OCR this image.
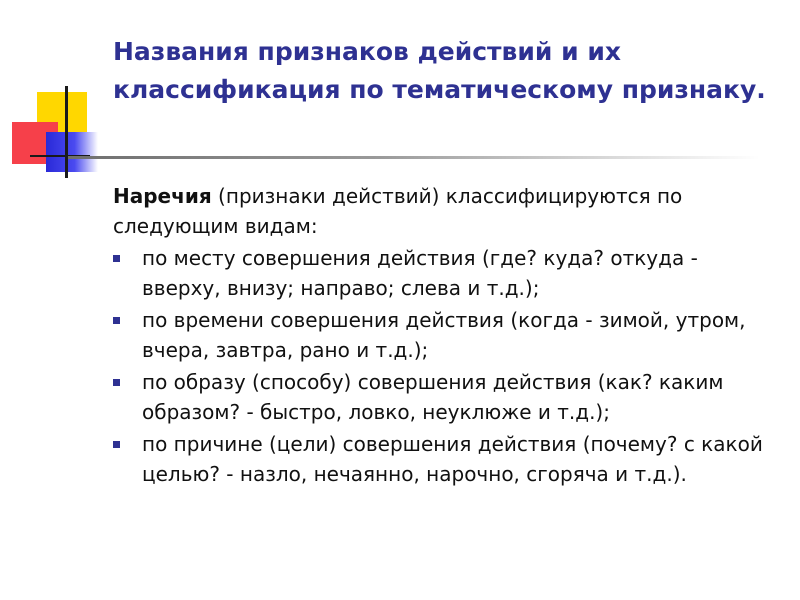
Названия признаков действий и их классификация по тематическому признаку.

Наречия (признаки действий) классифицируются по следующим видам:

по месту совершения действия (где? куда? откуда - вверху, внизу; направо; слева и т.д.);
по времени совершения действия (когда - зимой, утром, вчера, завтра, рано и т.д.);
по образу (способу) совершения действия (как? каким образом? - быстро, ловко, неуклюже и т.д.);
по причине (цели) совершения действия (почему? с какой целью? - назло, нечаянно, нарочно, сгоряча и т.д.).
